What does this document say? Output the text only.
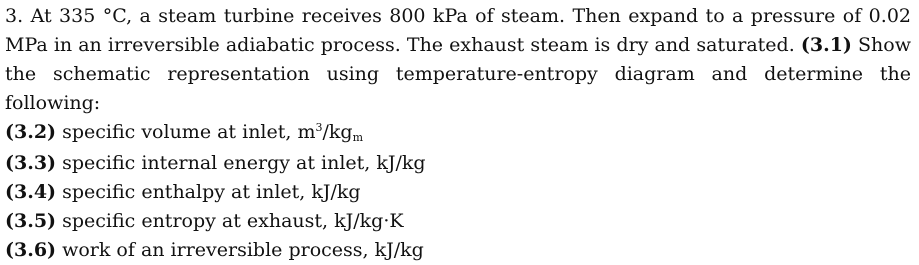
3. At 335 °C, a steam turbine receives 800 kPa of steam. Then expand to a pressure of 0.02 MPa in an irreversible adiabatic process. The exhaust steam is dry and saturated. (3.1) Show the schematic representation using temperature-entropy diagram and determine the following:

(3.2) specific volume at inlet, $m^3$/kgm

(3.3) specific internal energy at inlet, kJ/kg

(3.4) specific enthalpy at inlet, kJ/kg

(3.5) specific entropy at exhaust, kJ/kg·K

(3.6) work of an irreversible process, kJ/kg
